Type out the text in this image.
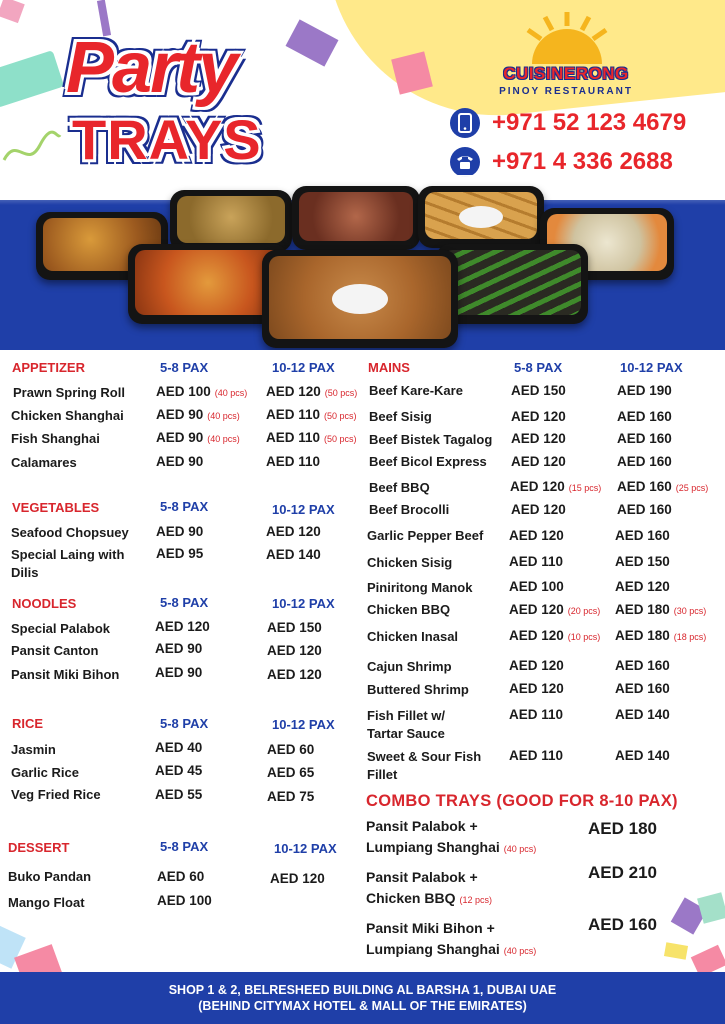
Party
TRAYS
CUISINERONG
PINOY RESTAURANT
+971 52 123 4679
+971 4 336 2688
APPETIZER	5-8 PAX	10-12 PAX
Prawn Spring Roll AED 100 (40 pcs) AED 120 (50 pcs)
Chicken Shanghai AED 90 (40 pcs) AED 110 (50 pcs)
Fish Shanghai	AED 90 (40 pcs) AED 110 (50 pcs)
Calamares	AED 90	AED 110
VEGETABLES	5-8 PAX	10-12 PAX
Seafood Chopsuey AED 90	AED 120
Special Laing with
Dilis
AED 95	AED 140
NOODLES	5-8 PAX	10-12 PAX
Special Palabok	AED 120	AED 150
Pansit Canton	AED 90	AED 120
Pansit Miki Bihon	AED 90	AED 120
RICE	5-8 PAX	10-12 PAX
Jasmin	AED 40	AED 60
Garlic Rice	AED 45	AED 65
Veg Fried Rice	AED 55	AED 75
DESSERT	5-8 PAX	10-12 PAX
Buko Pandan	AED 60	AED 120
Mango Float	AED 100
MAINS	5-8 PAX	10-12 PAX
Beef Kare-Kare	AED 150	AED 190
Beef Sisig	AED 120	AED 160
Beef Bistek Tagalog AED 120	AED 160
Beef Bicol Express AED 120	AED 160
Beef BBQ	AED 120 (15 pcs) AED 160 (25 pcs)
Beef Brocolli	AED 120	AED 160
Garlic Pepper Beef AED 120	AED 160
Chicken Sisig	AED 110	AED 150
Piniritong Manok	AED 100	AED 120
Chicken BBQ	AED 120 (20 pcs) AED 180 (30 pcs)
Chicken Inasal	AED 120 (10 pcs) AED 180 (18 pcs)
Cajun Shrimp	AED 120	AED 160
Buttered Shrimp	AED 120	AED 160
Fish Fillet w/
Tartar Sauce
AED 110	AED 140
Sweet & Sour Fish
Fillet
AED 110	AED 140
COMBO TRAYS (GOOD FOR 8-10 PAX)
Pansit Palabok +
Lumpiang Shanghai (40 pcs)
AED 180
Pansit Palabok +
Chicken BBQ (12 pcs)
AED 210
Pansit Miki Bihon +
Lumpiang Shanghai (40 pcs)
AED 160
SHOP 1 & 2, BELRESHEED BUILDING AL BARSHA 1, DUBAI UAE
(BEHIND CITYMAX HOTEL & MALL OF THE EMIRATES)
